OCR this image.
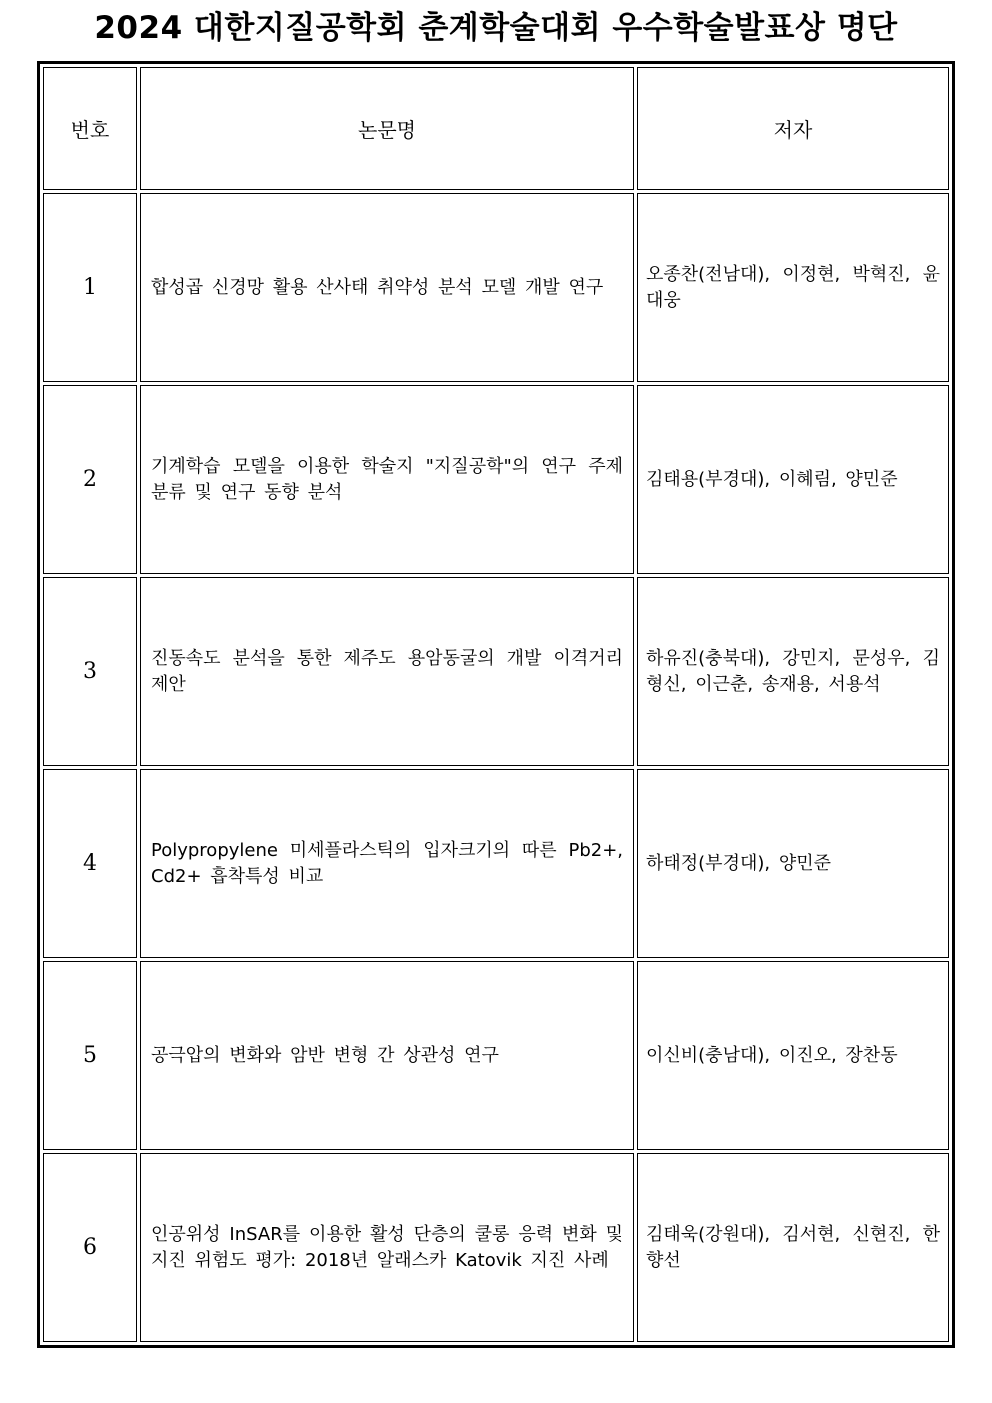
2024 대한지질공학회 춘계학술대회 우수학술발표상 명단
번호	논문명	저자
1	합성곱 신경망 활용 산사태 취약성 분석 모델 개발 연구	오종찬(전남대), 이정현, 박혁진, 윤대웅
2	기계학습 모델을 이용한 학술지 "지질공학"의 연구 주제 분류 및 연구 동향 분석	김태용(부경대), 이혜림, 양민준
3	진동속도 분석을 통한 제주도 용암동굴의 개발 이격거리 제안	하유진(충북대), 강민지, 문성우, 김형신, 이근춘, 송재용, 서용석
4	Polypropylene 미세플라스틱의 입자크기의 따른 Pb2+, Cd2+ 흡착특성 비교	하태정(부경대), 양민준
5	공극압의 변화와 암반 변형 간 상관성 연구	이신비(충남대), 이진오, 장찬동
6	인공위성 InSAR를 이용한 활성 단층의 쿨롱 응력 변화 및 지진 위험도 평가: 2018년 알래스카 Katovik 지진 사례	김태욱(강원대), 김서현, 신현진, 한향선
